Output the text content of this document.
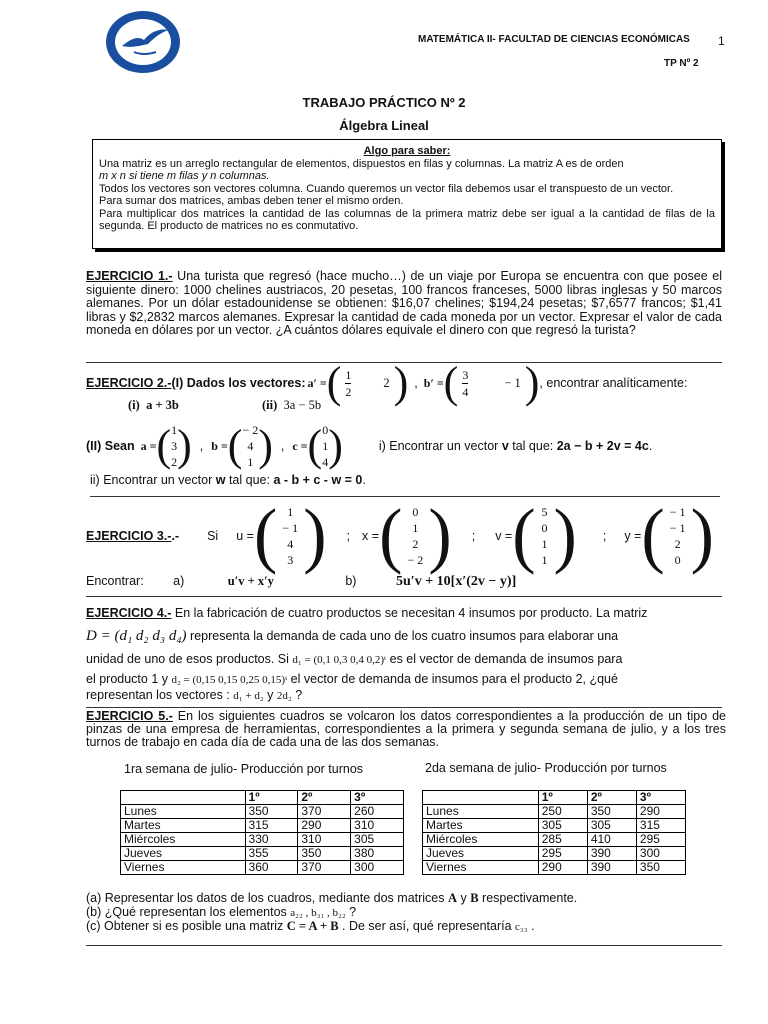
MATEMÁTICA II- FACULTAD DE CIENCIAS ECONÓMICAS 1
TP Nº 2
TRABAJO PRÁCTICO Nº 2
Álgebra Lineal
Algo para saber:
Una matriz es un arreglo rectangular de elementos, dispuestos en filas y columnas. La matriz A es de orden
m x n si tiene m filas y n columnas.
Todos los vectores son vectores columna. Cuando queremos un vector fila debemos usar el transpuesto de un vector.
Para sumar dos matrices, ambas deben tener el mismo orden.
Para multiplicar dos matrices la cantidad de las columnas de la primera matriz debe ser igual a la cantidad de filas de la segunda. El producto de matrices no es conmutativo.
EJERCICIO 1.- Una turista que regresó (hace mucho…) de un viaje por Europa se encuentra con que posee el siguiente dinero: 1000 chelines austriacos, 20 pesetas, 100 francos franceses, 5000 libras inglesas y 50 marcos alemanes. Por un dólar estadounidense se obtienen: $16,07 chelines; $194,24 pesetas; $7,6577 francos; $1,41 libras y $2,2832 marcos alemanes. Expresar la cantidad de cada moneda por un vector. Expresar el valor de cada moneda en dólares por un vector. ¿A cuántos dólares equivale el dinero con que regresó la turista?
EJERCICIO 2.- (I) Dados los vectores: a′ = ( $\frac{1}{2}$	2 ) , b′ = ( $\frac{3}{4}$	− 1 ) , encontrar analíticamente:
(i) a + 3b	(ii) 3a − 5b
(II) Sean a = ( 1
3
2 ) , b = ( − 2
4
1 ) , c = ( 0
1
4 )	i) Encontrar un vector v tal que: 2a − b + 2v = 4c.
ii) Encontrar un vector w tal que: a - b + c - w = 0.
EJERCICIO 3.- .- Si u = ( 1
− 1
4
3 ) ; x = ( 0
1
2
− 2 ) ; v = ( 5
0
1
1 ) ; y = ( − 1
− 1
2
0 )
Encontrar: a)	u′v + x′y	b)	5u′v + 10[x′(2v − y)]
EJERCICIO 4.- En la fabricación de cuatro productos se necesitan 4 insumos por producto. La matriz
D = (d₁ d₂ d₃ d₄) representa la demanda de cada uno de los cuatro insumos para elaborar una
unidad de uno de esos productos. Si d₁ = (0,1 0,3 0,4 0,2)ᵗ es el vector de demanda de insumos para
el producto 1 y d₂ = (0,15 0,15 0,25 0,15)ᵗ el vector de demanda de insumos para el producto 2, ¿qué
representan los vectores : d₁ + d₂ y 2d₂ ?
EJERCICIO 5.- En los siguientes cuadros se volcaron los datos correspondientes a la producción de un tipo de pinzas de una empresa de herramientas, correspondientes a la primera y segunda semana de julio, y a los tres turnos de trabajo en cada día de cada una de las dos semanas.
1ra semana de julio- Producción por turnos	2da semana de julio- Producción por turnos
	1º	2º	3º
Lunes	350	370	260
Martes	315	290	310
Miércoles	330	310	305
Jueves	355	350	380
Viernes	360	370	300
	1º	2º	3º
Lunes	250	350	290
Martes	305	305	315
Miércoles	285	410	295
Jueves	295	390	300
Viernes	290	390	350
(a) Representar los datos de los cuadros, mediante dos matrices A y B respectivamente.
(b) ¿Qué representan los elementos a₂₂ , b₃₁ , b₂₂ ?
(c) Obtener si es posible una matriz C = A + B . De ser así, qué representaría c₃₃ .
